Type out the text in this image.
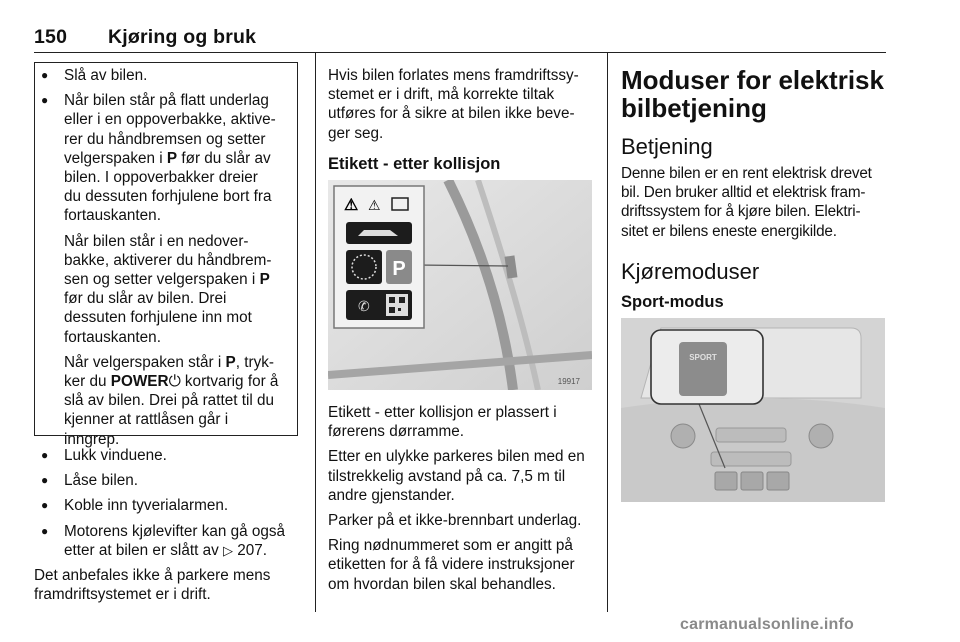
150 Kjøring og bruk
● Slå av bilen.

● Når bilen står på flatt underlag
eller i en oppoverbakke, aktive-
rer du håndbremsen og setter
velgerspaken i P før du slår av
bilen. I oppoverbakker dreier
du dessuten forhjulene bort fra
fortauskanten.

Når bilen står i en nedover-
bakke, aktiverer du håndbrem-
sen og setter velgerspaken i P
før du slår av bilen. Drei
dessuten forhjulene inn mot
fortauskanten.

Når velgerspaken står i P, tryk-
ker du POWER⏻ kortvarig for å
slå av bilen. Drei på rattet til du
kjenner at rattlåsen går i
inngrep.

● Lukk vinduene.

● Låse bilen.

● Koble inn tyverialarmen.

● Motorens kjølevifter kan gå også
etter at bilen er slått av ▷ 207.

Det anbefales ikke å parkere mens
framdriftsystemet er i drift.

Hvis bilen forlates mens framdriftssy-
stemet er i drift, må korrekte tiltak
utføres for å sikre at bilen ikke beve-
ger seg.

Etikett - etter kollisjon

⚠ ⚠
P
✆
19917

Etikett - etter kollisjon er plassert i
førerens dørramme.

Etter en ulykke parkeres bilen med en
tilstrekkelig avstand på ca. 7,5 m til
andre gjenstander.

Parker på et ikke-brennbart underlag.

Ring nødnummeret som er angitt på
etiketten for å få videre instruksjoner
om hvordan bilen skal behandles.

Moduser for elektrisk
bilbetjening

Betjening

Denne bilen er en rent elektrisk drevet
bil. Den bruker alltid et elektrisk fram-
driftssystem for å kjøre bilen. Elektri-
sitet er bilens eneste energikilde.

Kjøremoduser

Sport-modus

SPORT
carmanualsonline.info
